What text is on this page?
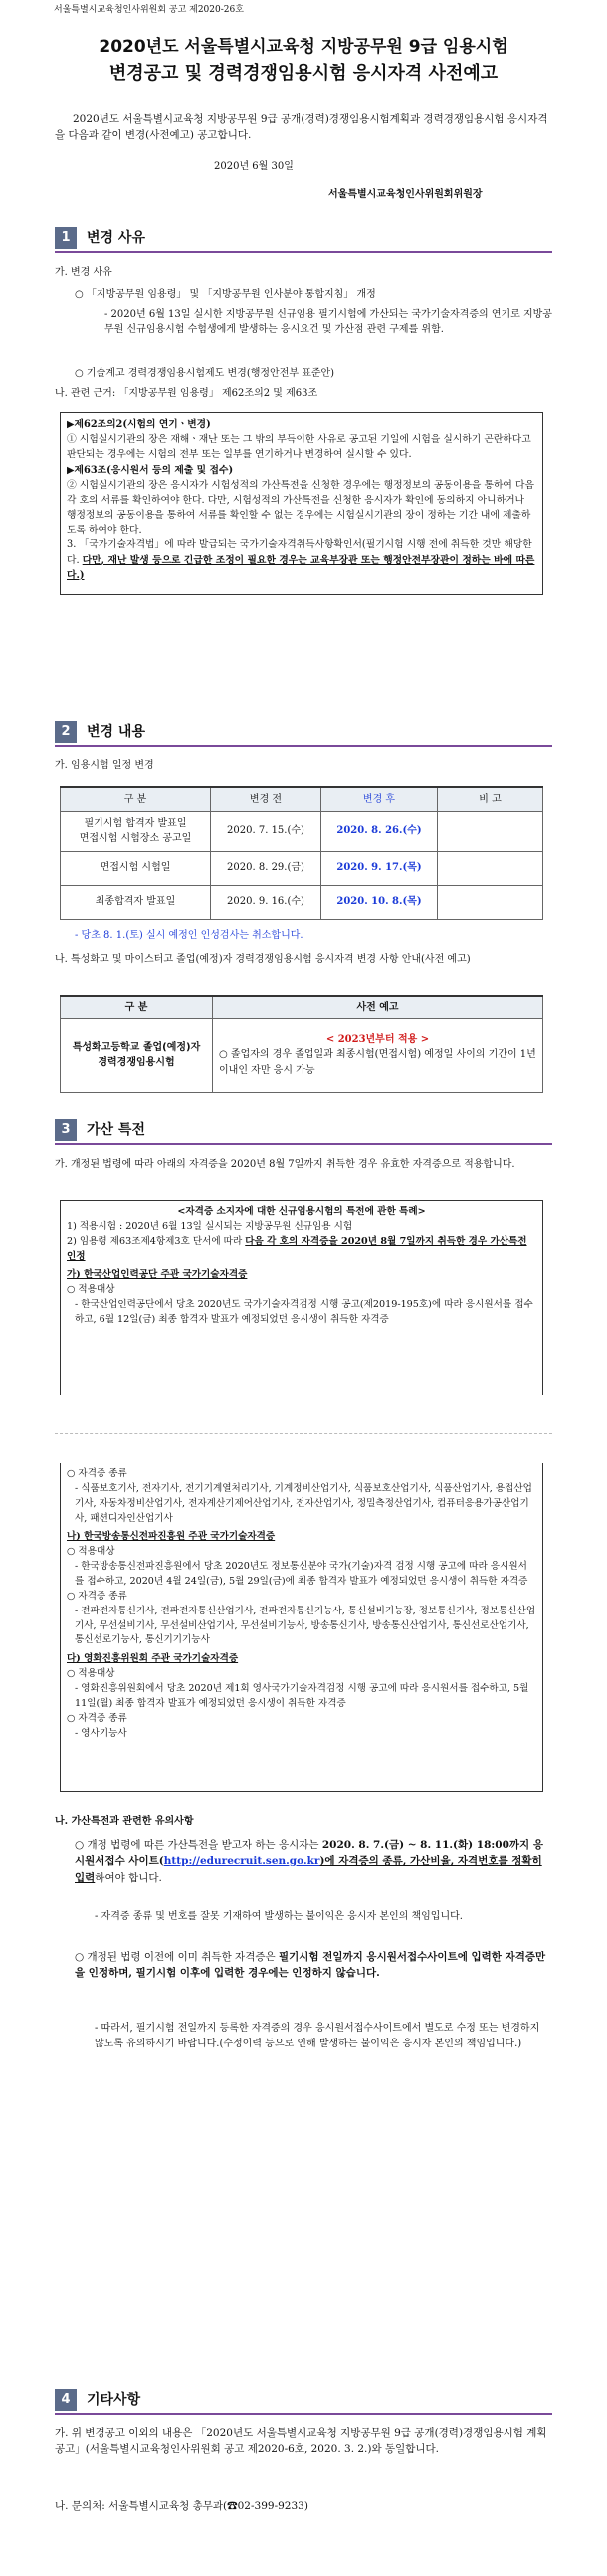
서울특별시교육청인사위원회 공고 제2020-26호
2020년도 서울특별시교육청 지방공무원 9급 임용시험
변경공고 및 경력경쟁임용시험 응시자격 사전예고
2020년도 서울특별시교육청 지방공무원 9급 공개(경력)경쟁임용시험계획과 경력경쟁임용시험 응시자격을 다음과 같이 변경(사전예고) 공고합니다.
2020년 6월 30일
서울특별시교육청인사위원회위원장
1	변경 사유
가. 변경 사유
○ 「지방공무원 임용령」 및 「지방공무원 인사분야 통합지침」 개정
- 2020년 6월 13일 실시한 지방공무원 신규임용 필기시험에 가산되는 국가기술자격증의 연기로 지방공무원 신규임용시험 수험생에게 발생하는 응시요건 및 가산점 관련 구제를 위함.
○ 기술계고 경력경쟁임용시험제도 변경(행정안전부 표준안)
나. 관련 근거: 「지방공무원 임용령」 제62조의2 및 제63조
▶제62조의2(시험의 연기ㆍ변경)
① 시험실시기관의 장은 재해ㆍ재난 또는 그 밖의 부득이한 사유로 공고된 기일에 시험을 실시하기 곤란하다고 판단되는 경우에는 시험의 전부 또는 일부를 연기하거나 변경하여 실시할 수 있다.
▶제63조(응시원서 등의 제출 및 접수)
② 시험실시기관의 장은 응시자가 시험성적의 가산특전을 신청한 경우에는 행정정보의 공동이용을 통하여 다음 각 호의 서류를 확인하여야 한다. 다만, 시험성적의 가산특전을 신청한 응시자가 확인에 동의하지 아니하거나 행정정보의 공동이용을 통하여 서류를 확인할 수 없는 경우에는 시험실시기관의 장이 정하는 기간 내에 제출하도록 하여야 한다.
3. 「국가기술자격법」에 따라 발급되는 국가기술자격취득사항확인서(필기시험 시행 전에 취득한 것만 해당한다. 다만, 재난 발생 등으로 긴급한 조정이 필요한 경우는 교육부장관 또는 행정안전부장관이 정하는 바에 따른다.)
2	변경 내용
가. 임용시험 일정 변경
구 분	변경 전	변경 후	비 고
필기시험 합격자 발표일
면접시험 시험장소 공고일	2020. 7. 15.(수)	2020. 8. 26.(수)	
면접시험 시험일	2020. 8. 29.(금)	2020. 9. 17.(목)	
최종합격자 발표일	2020. 9. 16.(수)	2020. 10. 8.(목)	
- 당초 8. 1.(토) 실시 예정인 인성검사는 취소합니다.
나. 특성화고 및 마이스터고 졸업(예정)자 경력경쟁임용시험 응시자격 변경 사항 안내(사전 예고)
구 분	사전 예고
특성화고등학교 졸업(예정)자 경력경쟁임용시험	< 2023년부터 적용 >
○ 졸업자의 경우 졸업일과 최종시험(면접시험) 예정일 사이의 기간이 1년 이내인 자만 응시 가능
3	가산 특전
가. 개정된 법령에 따라 아래의 자격증을 2020년 8월 7일까지 취득한 경우 유효한 자격증으로 적용합니다.
<자격증 소지자에 대한 신규임용시험의 특전에 관한 특례>
1) 적용시험 : 2020년 6월 13일 실시되는 지방공무원 신규임용 시험
2) 임용령 제63조제4항제3호 단서에 따라 다음 각 호의 자격증을 2020년 8월 7일까지 취득한 경우 가산특전 인정
가) 한국산업인력공단 주관 국가기술자격증
○ 적용대상
- 한국산업인력공단에서 당초 2020년도 국가기술자격검정 시행 공고(제2019-195호)에 따라 응시원서를 접수하고, 6월 12일(금) 최종 합격자 발표가 예정되었던 응시생이 취득한 자격증
○ 자격증 종류
- 식품보호기사, 전자기사, 전기기계열처리기사, 기계정비산업기사, 식품보호산업기사, 식품산업기사, 용접산업기사, 자동차정비산업기사, 전자계산기제어산업기사, 전자산업기사, 정밀측정산업기사, 컴퓨터응용가공산업기사, 패션디자인산업기사
나) 한국방송통신전파진흥원 주관 국가기술자격증
○ 적용대상
- 한국방송통신전파진흥원에서 당초 2020년도 정보통신분야 국가(기술)자격 검정 시행 공고에 따라 응시원서를 접수하고, 2020년 4월 24일(금), 5월 29일(금)에 최종 합격자 발표가 예정되었던 응시생이 취득한 자격증
○ 자격증 종류
- 전파전자통신기사, 전파전자통신산업기사, 전파전자통신기능사, 통신설비기능장, 정보통신기사, 정보통신산업기사, 무선설비기사, 무선설비산업기사, 무선설비기능사, 방송통신기사, 방송통신산업기사, 통신선로산업기사, 통신선로기능사, 통신기기기능사
다) 영화진흥위원회 주관 국가기술자격증
○ 적용대상
- 영화진흥위원회에서 당초 2020년 제1회 영사국가기술자격검정 시행 공고에 따라 응시원서를 접수하고, 5월 11일(월) 최종 합격자 발표가 예정되었던 응시생이 취득한 자격증
○ 자격증 종류
- 영사기능사
나. 가산특전과 관련한 유의사항
○ 개정 법령에 따른 가산특전을 받고자 하는 응시자는 2020. 8. 7.(금) ~ 8. 11.(화) 18:00까지 응시원서접수 사이트(http://edurecruit.sen.go.kr)에 자격증의 종류, 가산비율, 자격번호를 정확히 입력하여야 합니다.
- 자격증 종류 및 번호를 잘못 기재하여 발생하는 불이익은 응시자 본인의 책임입니다.
○ 개정된 법령 이전에 이미 취득한 자격증은 필기시험 전일까지 응시원서접수사이트에 입력한 자격증만을 인정하며, 필기시험 이후에 입력한 경우에는 인정하지 않습니다.
- 따라서, 필기시험 전일까지 등록한 자격증의 경우 응시원서접수사이트에서 별도로 수정 또는 변경하지 않도록 유의하시기 바랍니다.(수정이력 등으로 인해 발생하는 불이익은 응시자 본인의 책임입니다.)
4	기타사항
가. 위 변경공고 이외의 내용은 「2020년도 서울특별시교육청 지방공무원 9급 공개(경력)경쟁임용시험 계획 공고」(서울특별시교육청인사위원회 공고 제2020-6호, 2020. 3. 2.)와 동일합니다.
나. 문의처: 서울특별시교육청 총무과(☎02-399-9233)
